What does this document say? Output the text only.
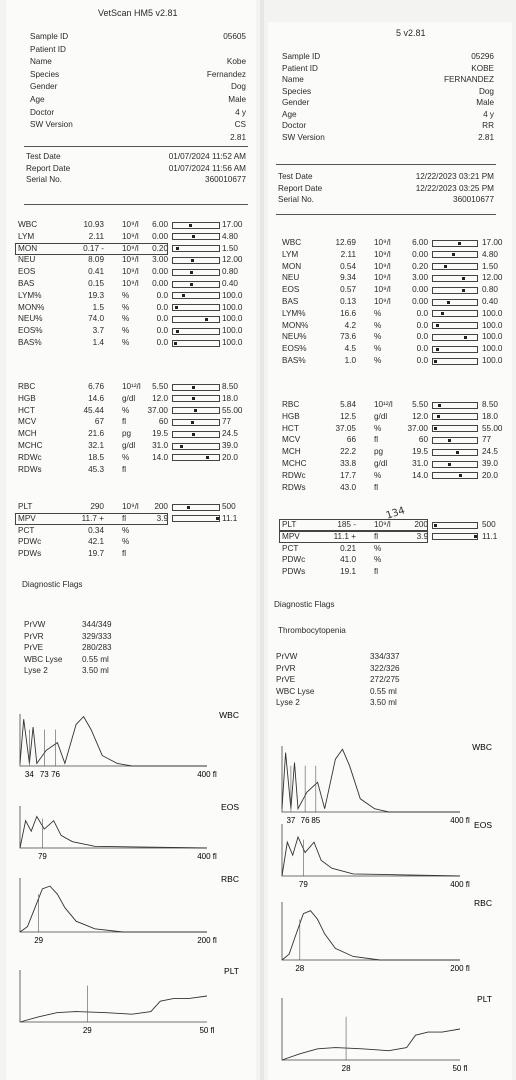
VetScan HM5 v2.81
Sample ID	05605
Patient ID
Name	Kobe
Species	Fernandez
Gender	Dog
Age	Male
Doctor	4 y
SW Version	CS
2.81
Test Date	01/07/2024 11:52 AM
Report Date	01/07/2024 11:56 AM
Serial No.	360010677
WBC	10.93 10⁹/l 6.00	17.00
LYM	2.11 10⁹/l 0.00	4.80
MON	0.17 - 10⁹/l 0.20	1.50
NEU	8.09 10⁹/l 3.00	12.00
EOS	0.41 10⁹/l 0.00	0.80
BAS	0.15 10⁹/l 0.00	0.40
LYM%	19.3 %	0.0	100.0
MON%	1.5 %	0.0	100.0
NEU%	74.0 %	0.0	100.0
EOS%	3.7 %	0.0	100.0
BAS%	1.4 %	0.0	100.0
RBC	6.76 10¹²/l 5.50	8.50
HGB	14.6 g/dl 12.0	18.0
HCT	45.44 % 37.00	55.00
MCV	67 fl	60	77
MCH	21.6 pg	19.5	24.5
MCHC	32.1 g/dl 31.0	39.0
RDWc	18.5 %	14.0	20.0
RDWs	45.3 fl
PLT	290 10⁹/l 200	500
MPV	11.7 + fl	3.9	11.1
PCT	0.34 %
PDWc	42.1 %
PDWs	19.7 fl
Diagnostic Flags
PrVW	344/349
PrVR	329/333
PrVE	280/283
WBC Lyse 0.55 ml
Lyse 2	3.50 ml
34 73 76	400 fl
WBC
79	400 fl
EOS
29	200 fl
RBC
29	50 fl
PLT
5 v2.81
Sample ID	05296
Patient ID	KOBE
Name	FERNANDEZ
Species	Dog
Gender	Male
Age	4 y
Doctor	RR
SW Version	2.81
Test Date	12/22/2023 03:21 PM
Report Date	12/22/2023 03:25 PM
Serial No.	360010677
WBC	12.69 10⁹/l	6.00	17.00
LYM	2.11 10⁹/l	0.00	4.80
MON	0.54 10⁹/l	0.20	1.50
NEU	9.34 10⁹/l	3.00	12.00
EOS	0.57 10⁹/l	0.00	0.80
BAS	0.13 10⁹/l	0.00	0.40
LYM%	16.6 %	0.0	100.0
MON%	4.2 %	0.0	100.0
NEU%	73.6 %	0.0	100.0
EOS%	4.5 %	0.0	100.0
BAS%	1.0 %	0.0	100.0
RBC	5.84 10¹²/l 5.50	8.50
HGB	12.5 g/dl	12.0	18.0
HCT	37.05 %	37.00	55.00
MCV	66 fl	60	77
MCH	22.2 pg	19.5	24.5
MCHC	33.8 g/dl	31.0	39.0
RDWc	17.7 %	14.0	20.0
RDWs	43.0 fl
PLT	185 - 10⁹/l	200	500
MPV	11.1 + fl	3.9	11.1
PCT	0.21 %
PDWc	41.0 %
PDWs	19.1 fl
134
Diagnostic Flags
Thrombocytopenia
PrVW	334/337
PrVR	322/326
PrVE	272/275
WBC Lyse	0.55 ml
Lyse 2	3.50 ml
37 76 85	400 fl
WBC
79	400 fl
EOS
28	200 fl
RBC
28	50 fl
PLT
